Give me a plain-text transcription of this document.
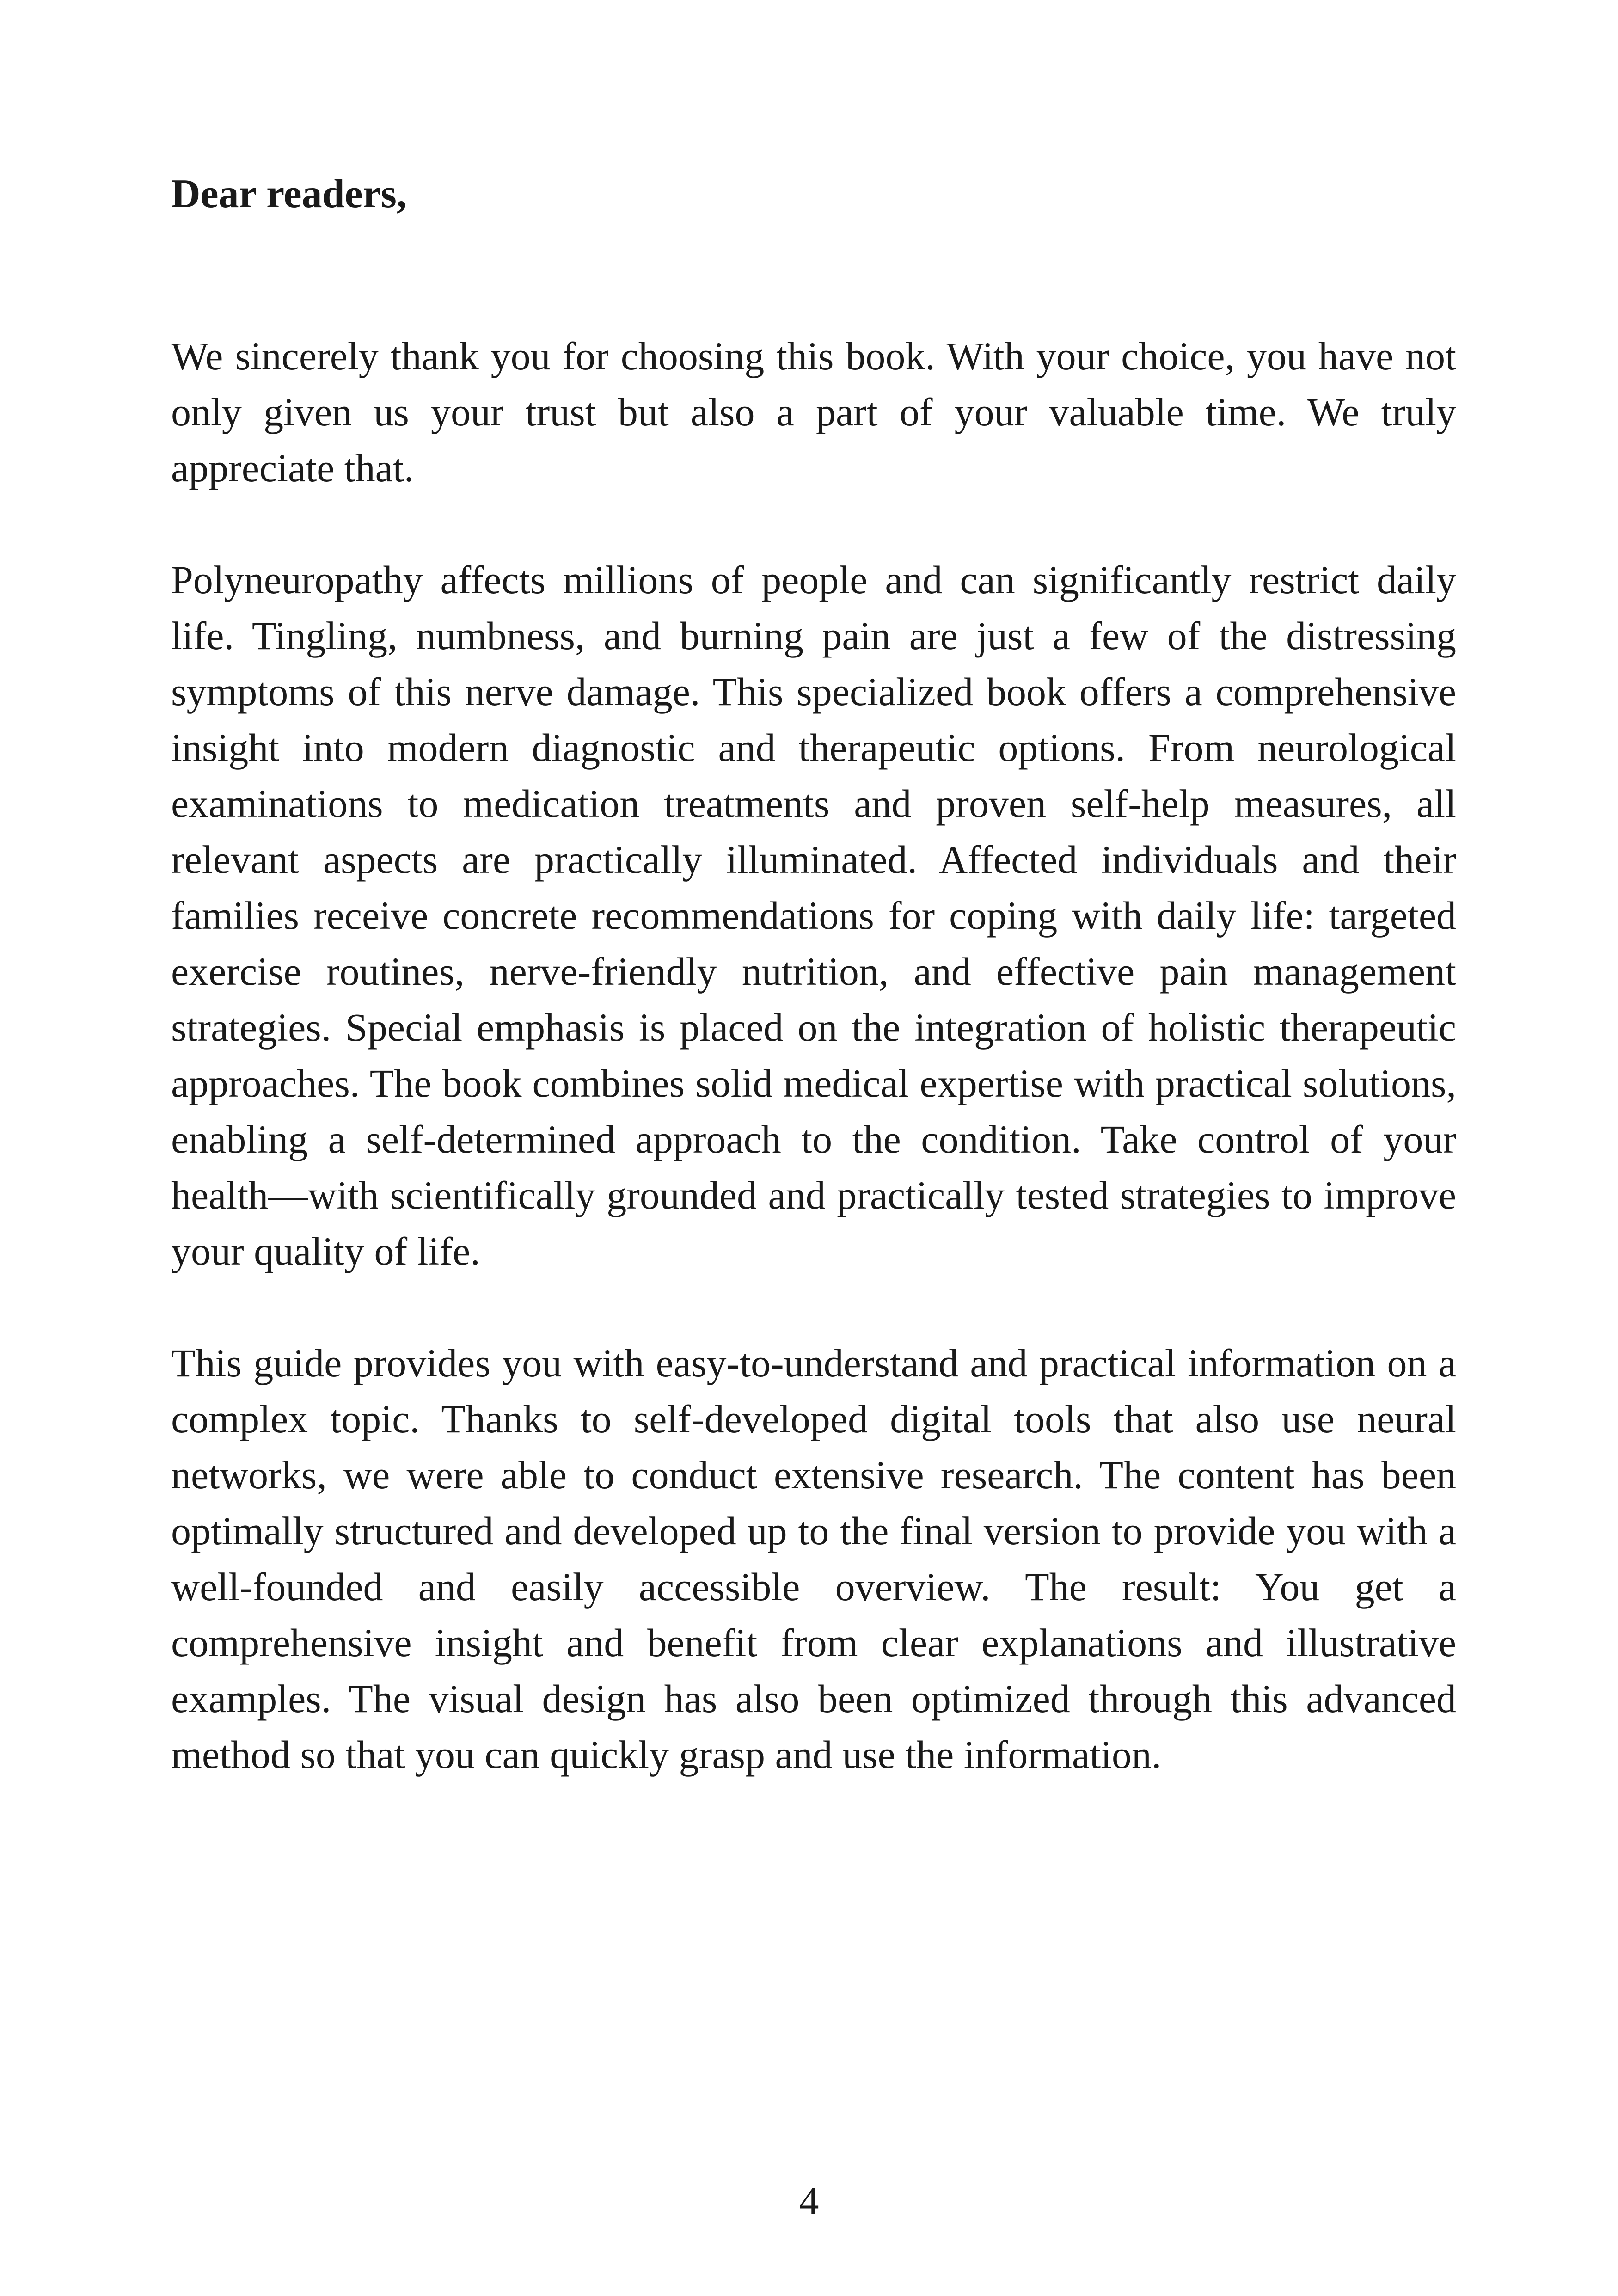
Dear readers,

We sincerely thank you for choosing this book. With your choice, you have not only given us your trust but also a part of your valuable time. We truly appreciate that.

Polyneuropathy affects millions of people and can significantly restrict daily life. Tingling, numbness, and burning pain are just a few of the distressing symptoms of this nerve damage. This specialized book offers a comprehensive insight into modern diagnostic and therapeutic options. From neurological examinations to medication treatments and proven self-help measures, all relevant aspects are practically illuminated. Affected individuals and their families receive concrete recommendations for coping with daily life: targeted exercise routines, nerve-friendly nutrition, and effective pain management strategies. Special emphasis is placed on the integration of holistic therapeutic approaches. The book combines solid medical expertise with practical solutions, enabling a self-determined approach to the condition. Take control of your health—with scientifically grounded and practically tested strategies to improve your quality of life.

This guide provides you with easy-to-understand and practical information on a complex topic. Thanks to self-developed digital tools that also use neural networks, we were able to conduct extensive research. The content has been optimally structured and developed up to the final version to provide you with a well-founded and easily accessible overview. The result: You get a comprehensive insight and benefit from clear explanations and illustrative examples. The visual design has also been optimized through this advanced method so that you can quickly grasp and use the information.

4
